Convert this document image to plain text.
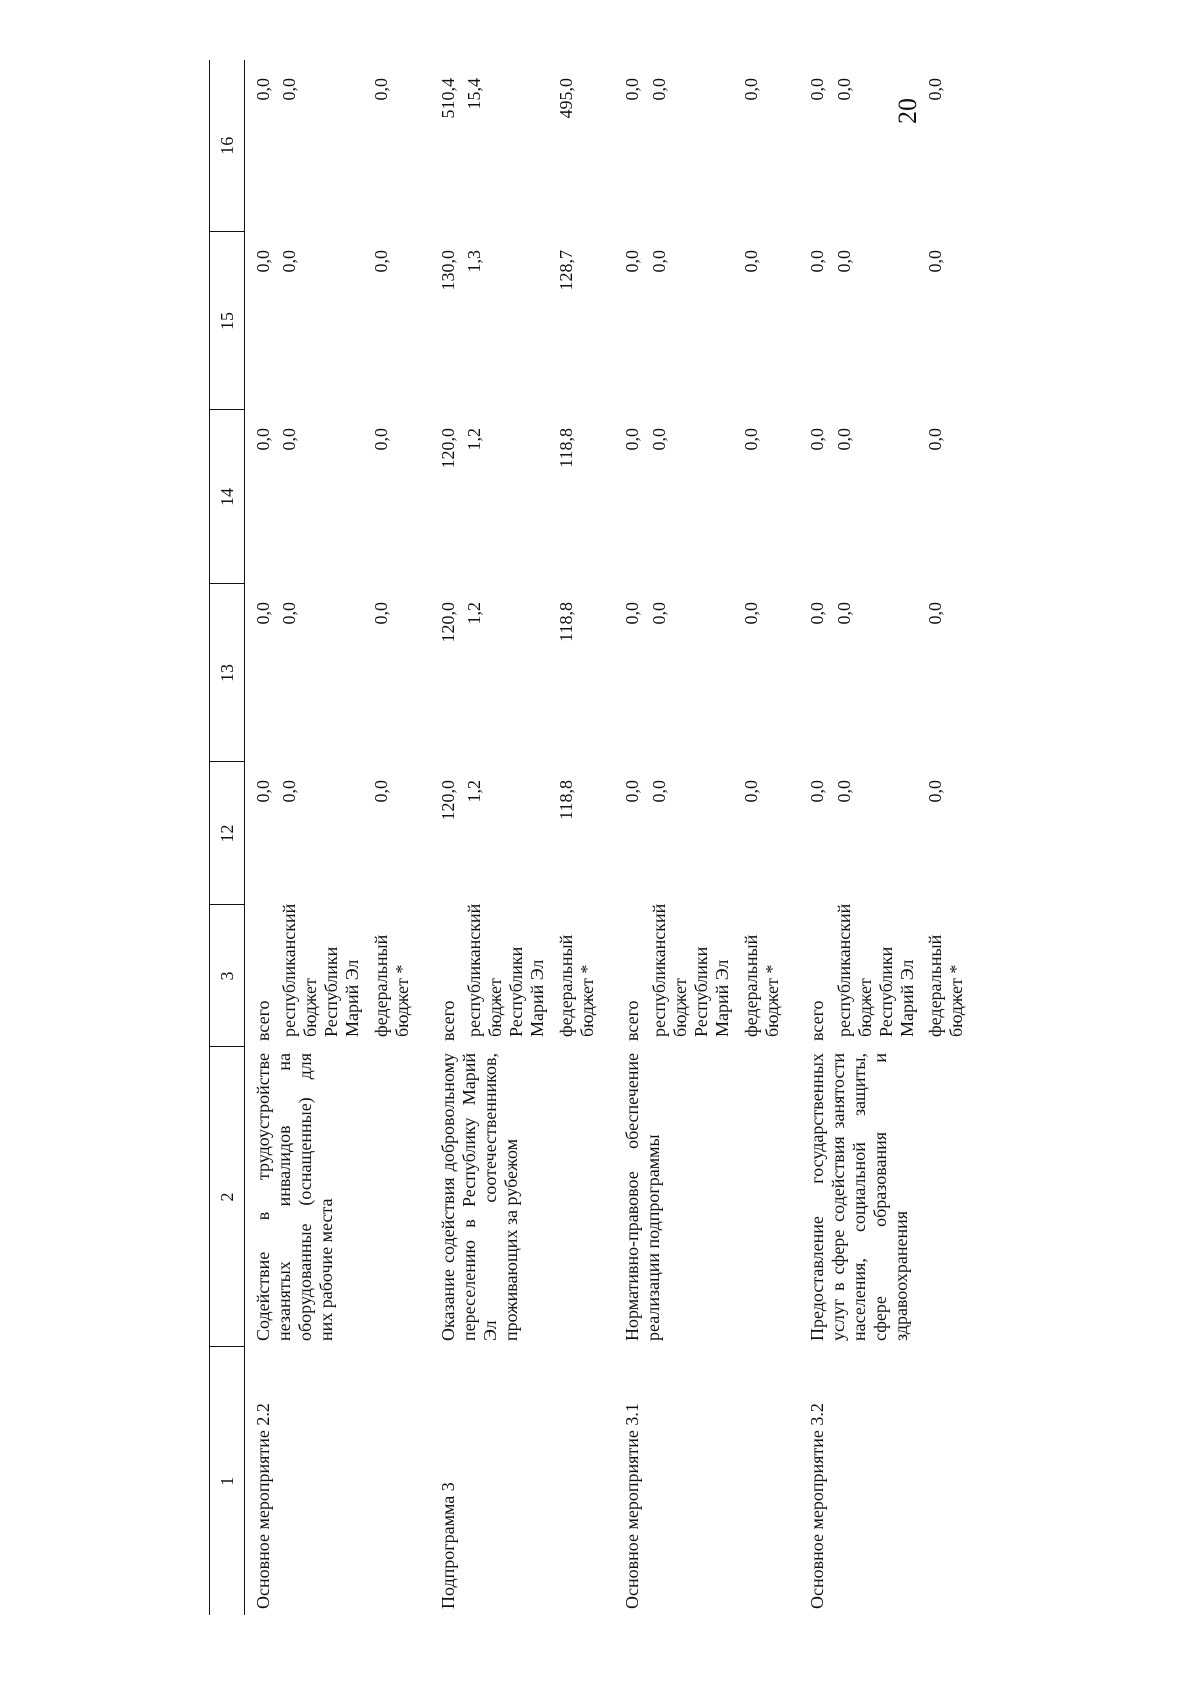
20
1	2	3	12	13	14	15	16
Основное мероприятие 2.2	Содействие в трудоустройстве незанятых инвалидов на оборудованные (оснащенные) для них рабочие места	всего	0,0	0,0	0,0	0,0	0,0
		республиканский бюджет Республики Марий Эл	0,0	0,0	0,0	0,0	0,0
		федеральный бюджет *	0,0	0,0	0,0	0,0	0,0
Подпрограмма 3	Оказание содействия добровольному переселению в Республику Марий Эл соотечественников, проживающих за рубежом	всего	120,0	120,0	120,0	130,0	510,4
		республиканский бюджет Республики Марий Эл	1,2	1,2	1,2	1,3	15,4
		федеральный бюджет *	118,8	118,8	118,8	128,7	495,0
Основное мероприятие 3.1	Нормативно-правовое обеспечение реализации подпрограммы	всего	0,0	0,0	0,0	0,0	0,0
		республиканский бюджет Республики Марий Эл	0,0	0,0	0,0	0,0	0,0
		федеральный бюджет *	0,0	0,0	0,0	0,0	0,0
Основное мероприятие 3.2	Предоставление государственных услуг в сфере содействия занятости населения, социальной защиты, сфере образования и здравоохранения	всего	0,0	0,0	0,0	0,0	0,0
		республиканский бюджет Республики Марий Эл	0,0	0,0	0,0	0,0	0,0
		федеральный бюджет *	0,0	0,0	0,0	0,0	0,0
